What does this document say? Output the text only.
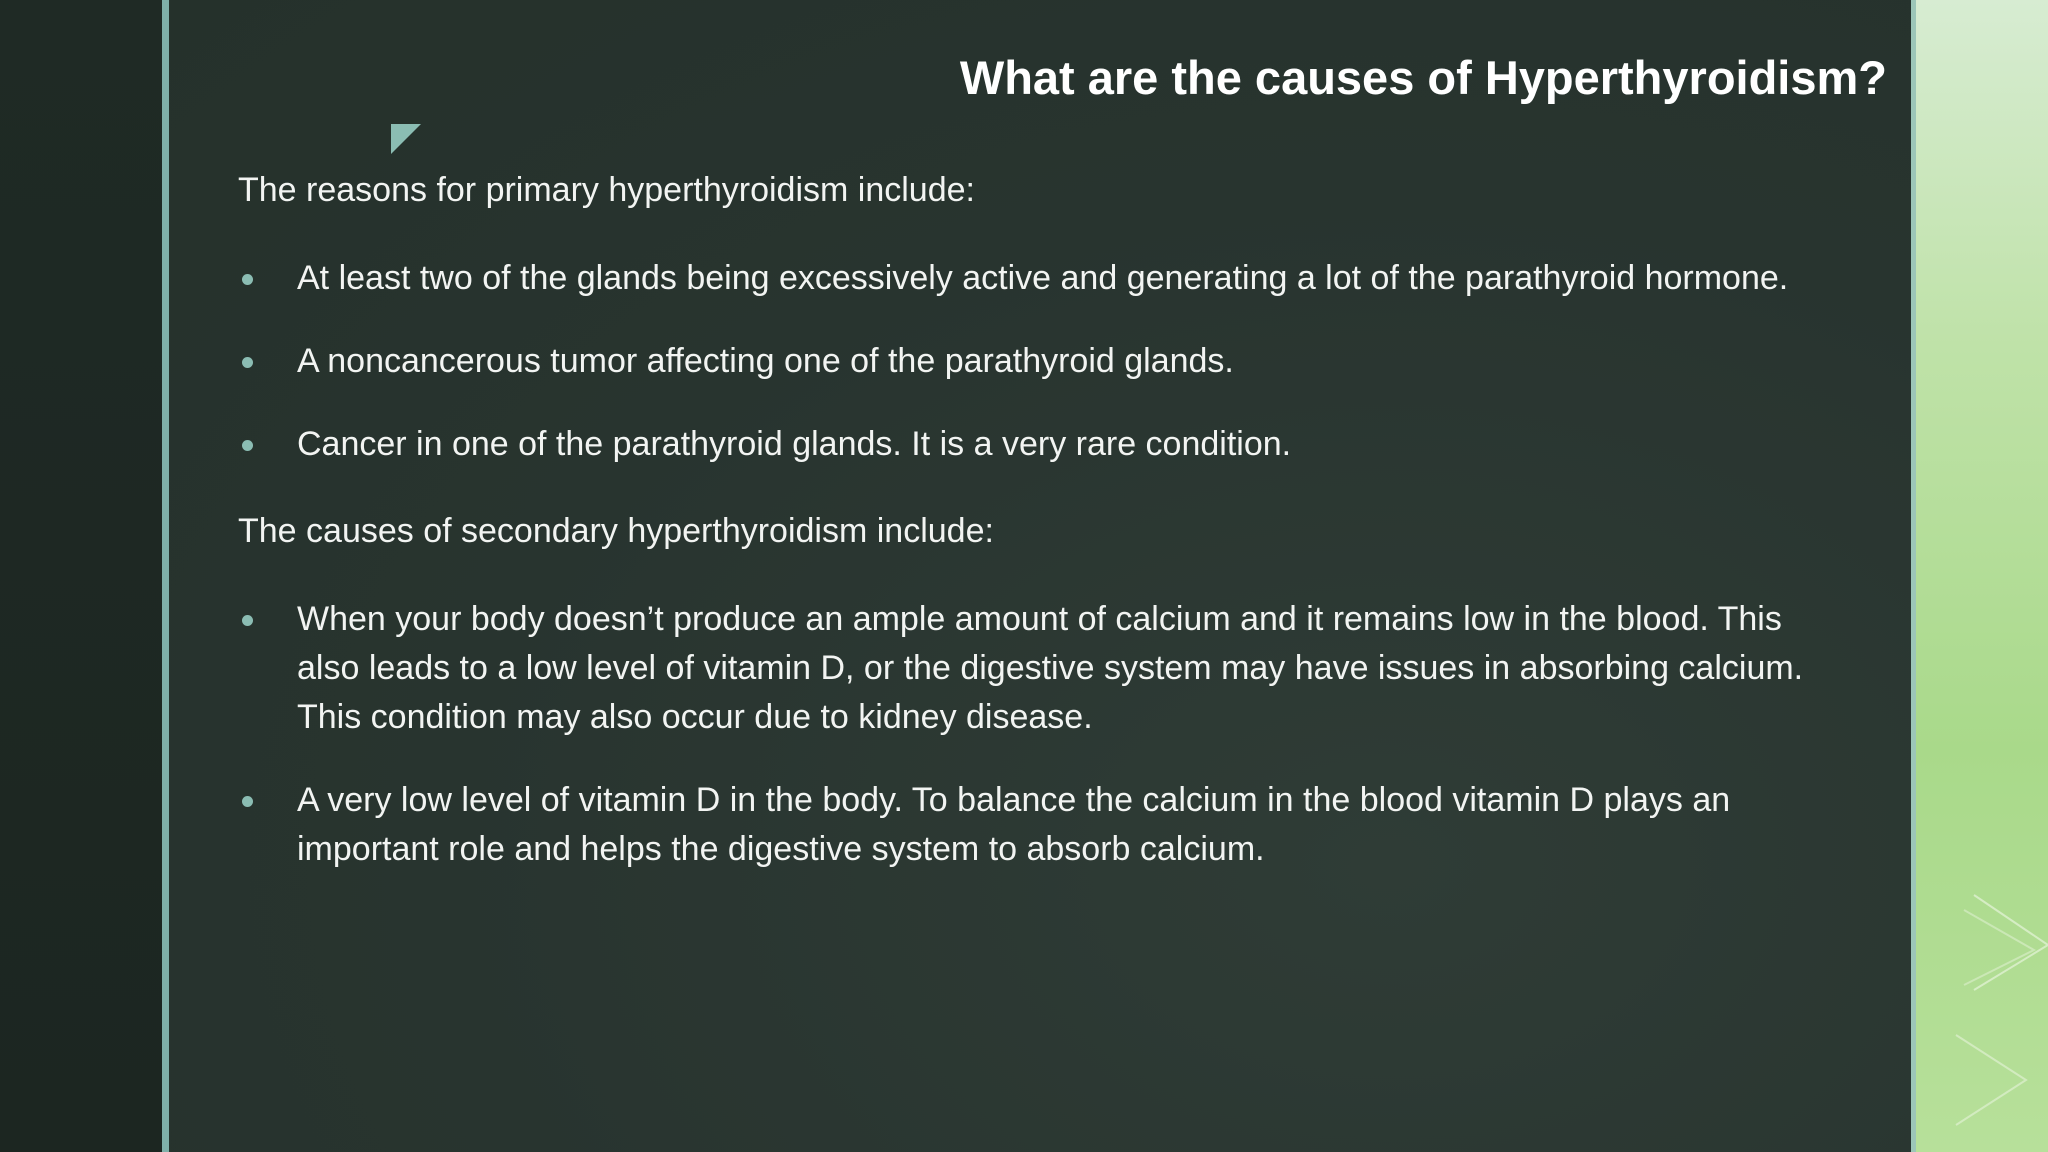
What are the causes of Hyperthyroidism?

The reasons for primary hyperthyroidism include:

At least two of the glands being excessively active and generating a lot of the parathyroid hormone.
A noncancerous tumor affecting one of the parathyroid glands.
Cancer in one of the parathyroid glands. It is a very rare condition.

The causes of secondary hyperthyroidism include:

When your body doesn’t produce an ample amount of calcium and it remains low in the blood. This also leads to a low level of vitamin D, or the digestive system may have issues in absorbing calcium. This condition may also occur due to kidney disease.
A very low level of vitamin D in the body. To balance the calcium in the blood vitamin D plays an important role and helps the digestive system to absorb calcium.
